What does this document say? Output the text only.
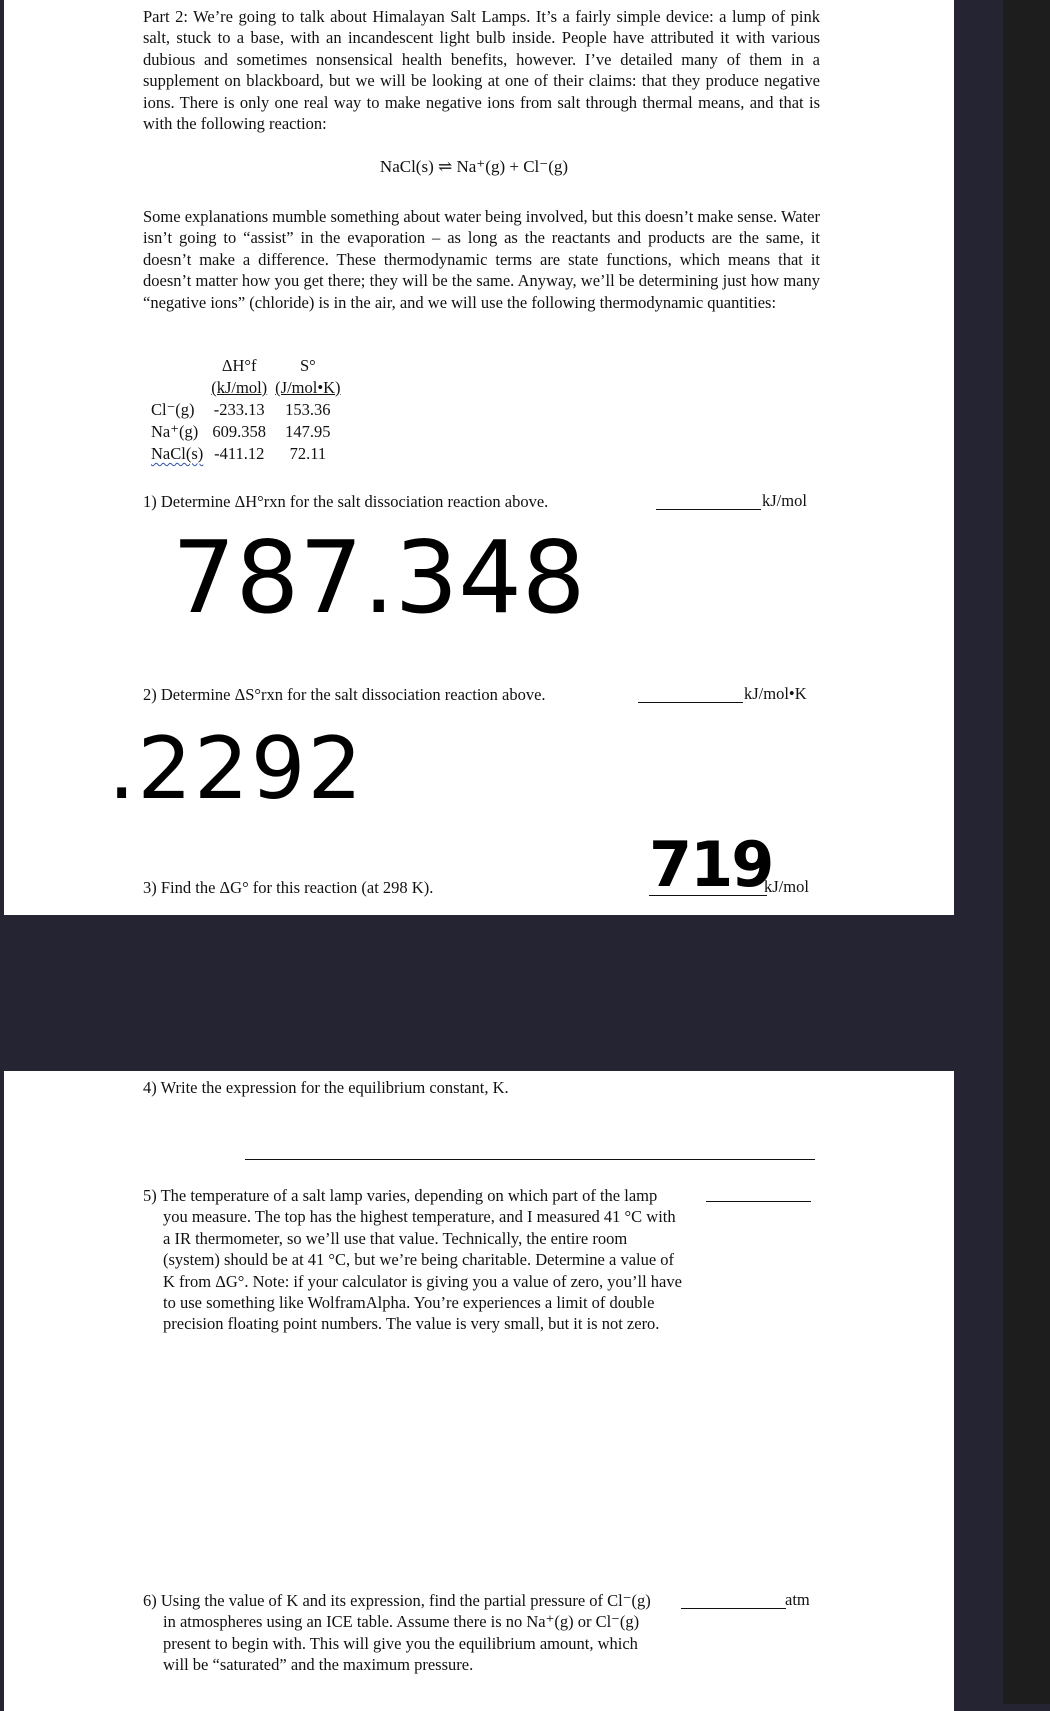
Part 2: We’re going to talk about Himalayan Salt Lamps. It’s a fairly simple device: a lump of pink salt, stuck to a base, with an incandescent light bulb inside. People have attributed it with various dubious and sometimes nonsensical health benefits, however. I’ve detailed many of them in a supplement on blackboard, but we will be looking at one of their claims: that they produce negative ions. There is only one real way to make negative ions from salt through thermal means, and that is with the following reaction:

NaCl(s) ⇌ Na⁺(g) + Cl⁻(g)

Some explanations mumble something about water being involved, but this doesn’t make sense. Water isn’t going to “assist” in the evaporation – as long as the reactants and products are the same, it doesn’t make a difference. These thermodynamic terms are state functions, which means that it doesn’t matter how you get there; they will be the same. Anyway, we’ll be determining just how many “negative ions” (chloride) is in the air, and we will use the following thermodynamic quantities:

	ΔH°f	S°
	(kJ/mol)	(J/mol•K)
Cl⁻(g)	-233.13	153.36
Na⁺(g)	609.358	147.95
NaCl(s)	-411.12	72.11
1) Determine ΔH°rxn for the salt dissociation reaction above.	kJ/mol
787.348
2) Determine ΔS°rxn for the salt dissociation reaction above.	kJ/mol•K
.2292
3) Find the ΔG° for this reaction (at 298 K).	719
kJ/mol
4) Write the expression for the equilibrium constant, K.
5) The temperature of a salt lamp varies, depending on which part of the lamp you measure. The top has the highest temperature, and I measured 41 °C with a IR thermometer, so we’ll use that value. Technically, the entire room (system) should be at 41 °C, but we’re being charitable. Determine a value of K from ΔG°. Note: if your calculator is giving you a value of zero, you’ll have to use something like WolframAlpha. You’re experiences a limit of double precision floating point numbers. The value is very small, but it is not zero.
6) Using the value of K and its expression, find the partial pressure of Cl⁻(g) in atmospheres using an ICE table. Assume there is no Na⁺(g) or Cl⁻(g) present to begin with. This will give you the equilibrium amount, which will be “saturated” and the maximum pressure.
atm
